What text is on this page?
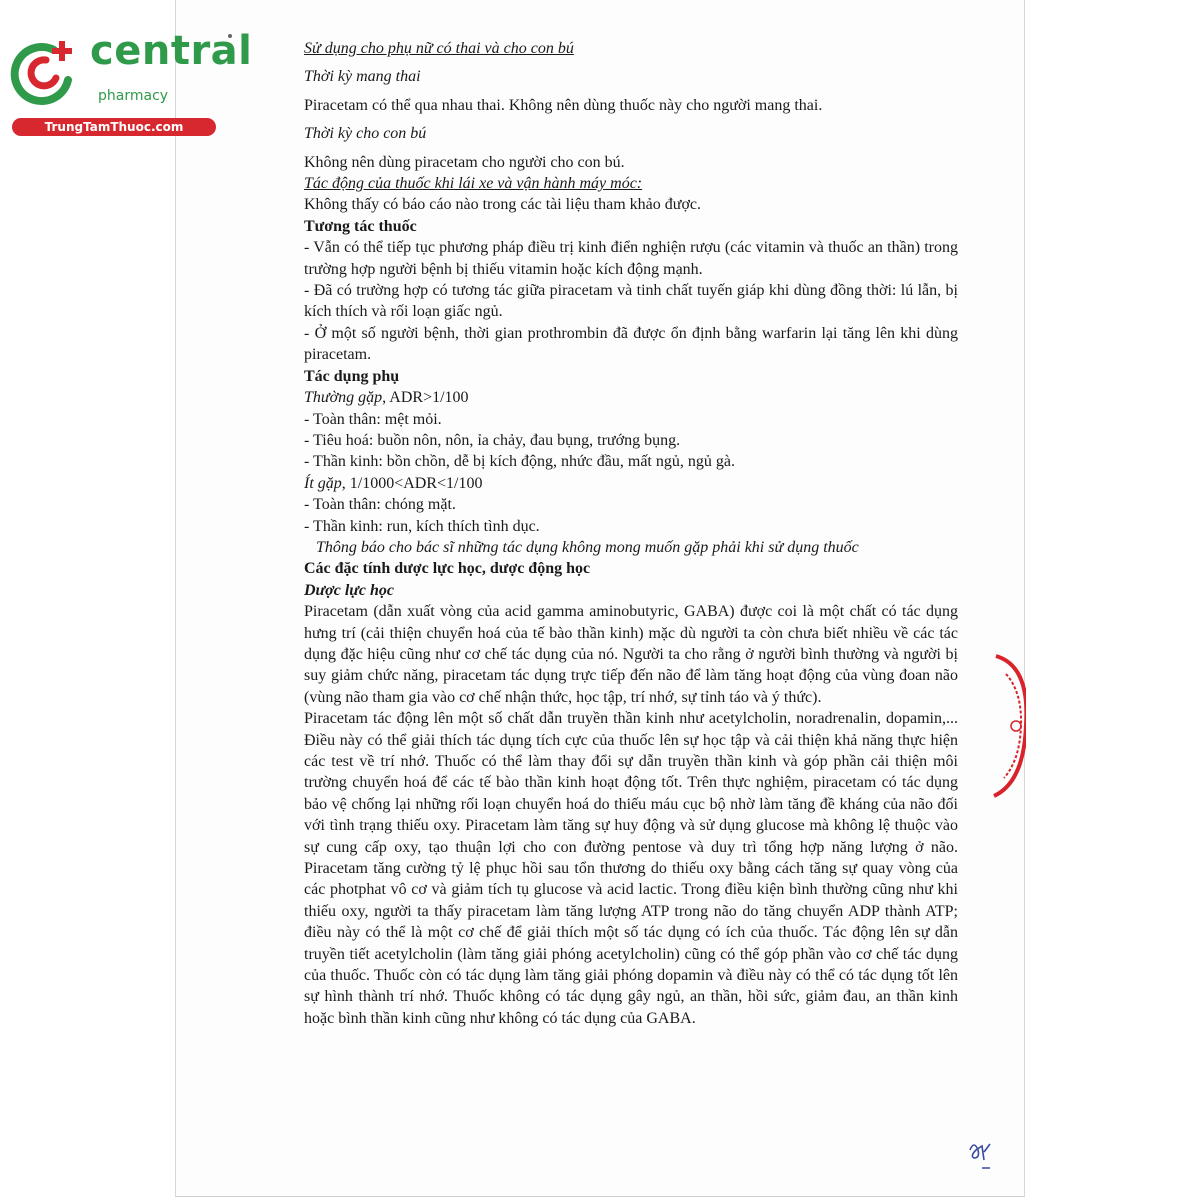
central
pharmacy
TrungTamThuoc.com

Sử dụng cho phụ nữ có thai và cho con bú

Thời kỳ mang thai

Piracetam có thể qua nhau thai. Không nên dùng thuốc này cho người mang thai.

Thời kỳ cho con bú

Không nên dùng piracetam cho người cho con bú.

Tác động của thuốc khi lái xe và vận hành máy móc:

Không thấy có báo cáo nào trong các tài liệu tham khảo được.

Tương tác thuốc

- Vẫn có thể tiếp tục phương pháp điều trị kinh điển nghiện rượu (các vitamin và thuốc an thần) trong trường hợp người bệnh bị thiếu vitamin hoặc kích động mạnh.

- Đã có trường hợp có tương tác giữa piracetam và tinh chất tuyến giáp khi dùng đồng thời: lú lẫn, bị kích thích và rối loạn giấc ngủ.

- Ở một số người bệnh, thời gian prothrombin đã được ổn định bằng warfarin lại tăng lên khi dùng piracetam.

Tác dụng phụ

Thường gặp, ADR>1/100

- Toàn thân: mệt mỏi.

- Tiêu hoá: buồn nôn, nôn, ỉa chảy, đau bụng, trướng bụng.

- Thần kinh: bồn chồn, dễ bị kích động, nhức đầu, mất ngủ, ngủ gà.

Ít gặp, 1/1000<ADR<1/100

- Toàn thân: chóng mặt.

- Thần kinh: run, kích thích tình dục.

Thông báo cho bác sĩ những tác dụng không mong muốn gặp phải khi sử dụng thuốc

Các đặc tính dược lực học, dược động học

Dược lực học

Piracetam (dẫn xuất vòng của acid gamma aminobutyric, GABA) được coi là một chất có tác dụng hưng trí (cải thiện chuyển hoá của tế bào thần kinh) mặc dù người ta còn chưa biết nhiều về các tác dụng đặc hiệu cũng như cơ chế tác dụng của nó. Người ta cho rằng ở người bình thường và người bị suy giảm chức năng, piracetam tác dụng trực tiếp đến não để làm tăng hoạt động của vùng đoan não (vùng não tham gia vào cơ chế nhận thức, học tập, trí nhớ, sự tỉnh táo và ý thức).

Piracetam tác động lên một số chất dẫn truyền thần kinh như acetylcholin, noradrenalin, dopamin,... Điều này có thể giải thích tác dụng tích cực của thuốc lên sự học tập và cải thiện khả năng thực hiện các test về trí nhớ. Thuốc có thể làm thay đổi sự dẫn truyền thần kinh và góp phần cải thiện môi trường chuyển hoá để các tế bào thần kinh hoạt động tốt. Trên thực nghiệm, piracetam có tác dụng bảo vệ chống lại những rối loạn chuyển hoá do thiếu máu cục bộ nhờ làm tăng đề kháng của não đối với tình trạng thiếu oxy. Piracetam làm tăng sự huy động và sử dụng glucose mà không lệ thuộc vào sự cung cấp oxy, tạo thuận lợi cho con đường pentose và duy trì tổng hợp năng lượng ở não. Piracetam tăng cường tỷ lệ phục hồi sau tổn thương do thiếu oxy bằng cách tăng sự quay vòng của các photphat vô cơ và giảm tích tụ glucose và acid lactic. Trong điều kiện bình thường cũng như khi thiếu oxy, người ta thấy piracetam làm tăng lượng ATP trong não do tăng chuyển ADP thành ATP; điều này có thể là một cơ chế để giải thích một số tác dụng có ích của thuốc. Tác động lên sự dẫn truyền tiết acetylcholin (làm tăng giải phóng acetylcholin) cũng có thể góp phần vào cơ chế tác dụng của thuốc. Thuốc còn có tác dụng làm tăng giải phóng dopamin và điều này có thể có tác dụng tốt lên sự hình thành trí nhớ. Thuốc không có tác dụng gây ngủ, an thần, hồi sức, giảm đau, an thần kinh hoặc bình thần kinh cũng như không có tác dụng của GABA.
